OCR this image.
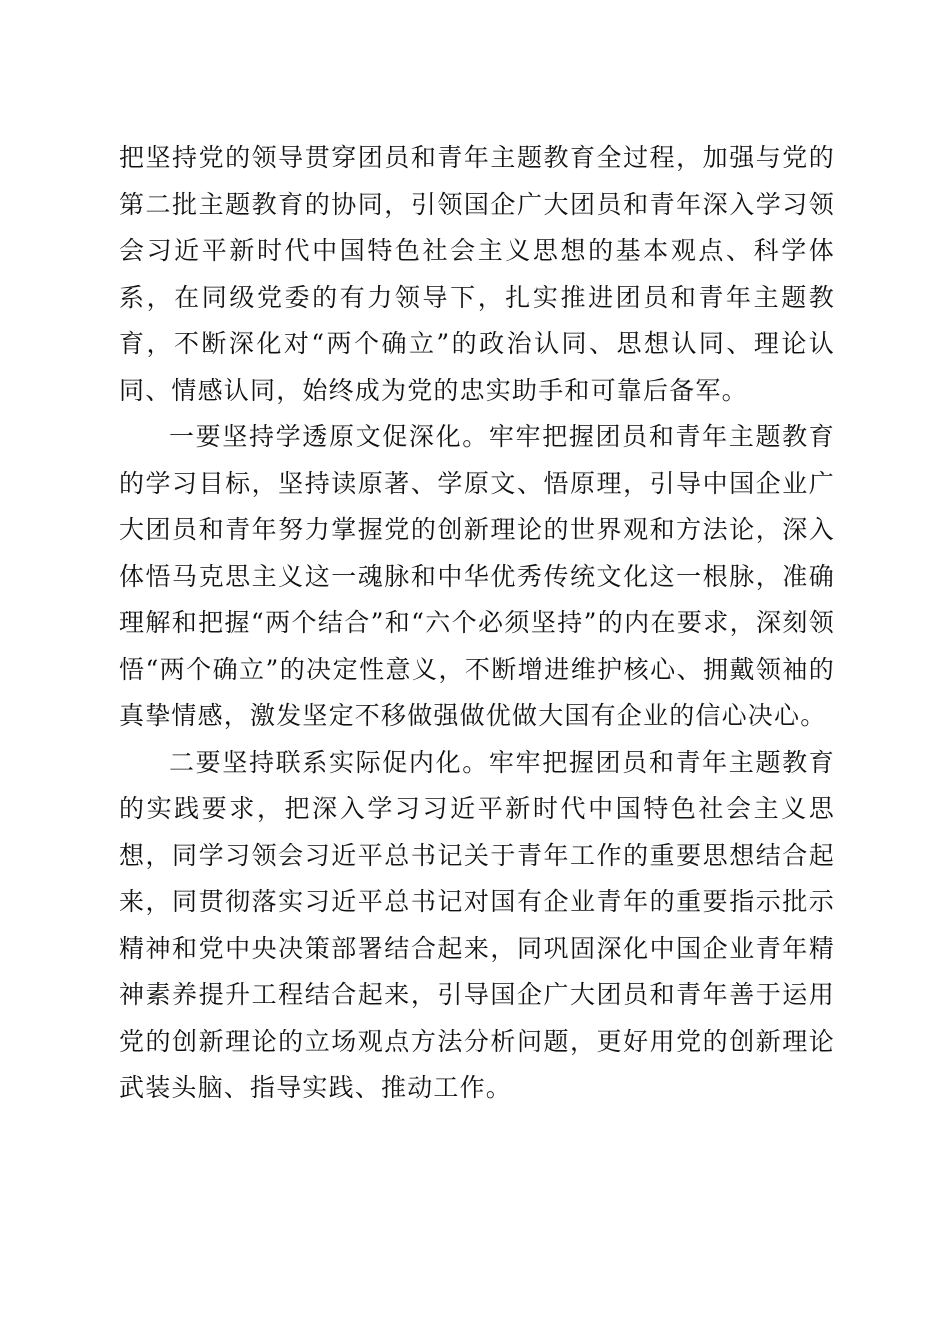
把坚持党的领导贯穿团员和青年主题教育全过程，加强与党的第二批主题教育的协同，引领国企广大团员和青年深入学习领会习近平新时代中国特色社会主义思想的基本观点、科学体系，在同级党委的有力领导下，扎实推进团员和青年主题教育，不断深化对“两个确立”的政治认同、思想认同、理论认同、情感认同，始终成为党的忠实助手和可靠后备军。

一要坚持学透原文促深化。牢牢把握团员和青年主题教育的学习目标，坚持读原著、学原文、悟原理，引导中国企业广大团员和青年努力掌握党的创新理论的世界观和方法论，深入体悟马克思主义这一魂脉和中华优秀传统文化这一根脉，准确理解和把握“两个结合”和“六个必须坚持”的内在要求，深刻领悟“两个确立”的决定性意义，不断增进维护核心、拥戴领袖的真挚情感，激发坚定不移做强做优做大国有企业的信心决心。

二要坚持联系实际促内化。牢牢把握团员和青年主题教育的实践要求，把深入学习习近平新时代中国特色社会主义思想，同学习领会习近平总书记关于青年工作的重要思想结合起来，同贯彻落实习近平总书记对国有企业青年的重要指示批示精神和党中央决策部署结合起来，同巩固深化中国企业青年精神素养提升工程结合起来，引导国企广大团员和青年善于运用党的创新理论的立场观点方法分析问题，更好用党的创新理论武装头脑、指导实践、推动工作。
